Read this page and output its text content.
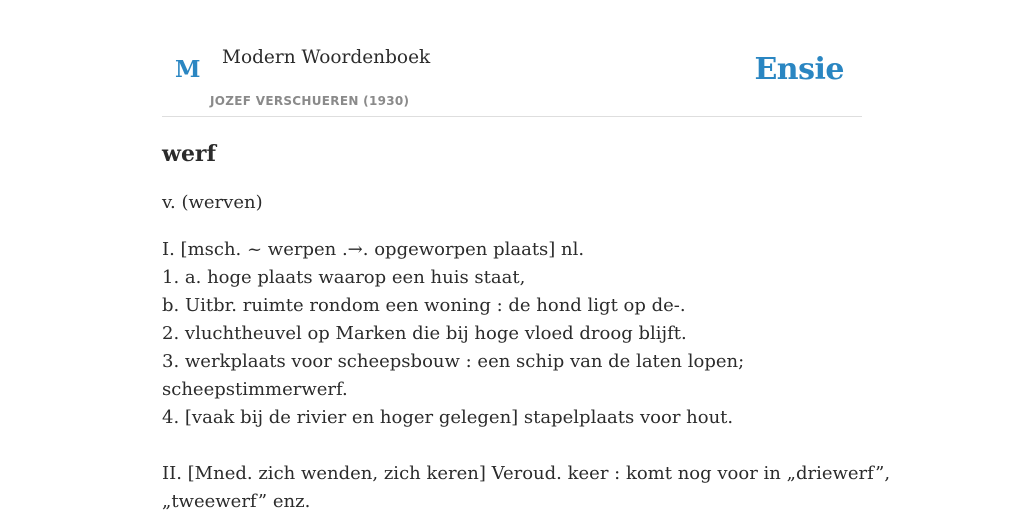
M Modern Woordenboek
JOZEF VERSCHUEREN (1930)
Ensie
werf

v. (werven)

I. [msch. ~ werpen .→. opgeworpen plaats] nl.
1. a. hoge plaats waarop een huis staat,
b. Uitbr. ruimte rondom een woning : de hond ligt op de-.
2. vluchtheuvel op Marken die bij hoge vloed droog blijft.
3. werkplaats voor scheepsbouw : een schip van de laten lopen;
scheepstimmerwerf.
4. [vaak bij de rivier en hoger gelegen] stapelplaats voor hout.
II. [Mned. zich wenden, zich keren] Veroud. keer : komt nog voor in „driewerf”,
„tweewerf” enz.
